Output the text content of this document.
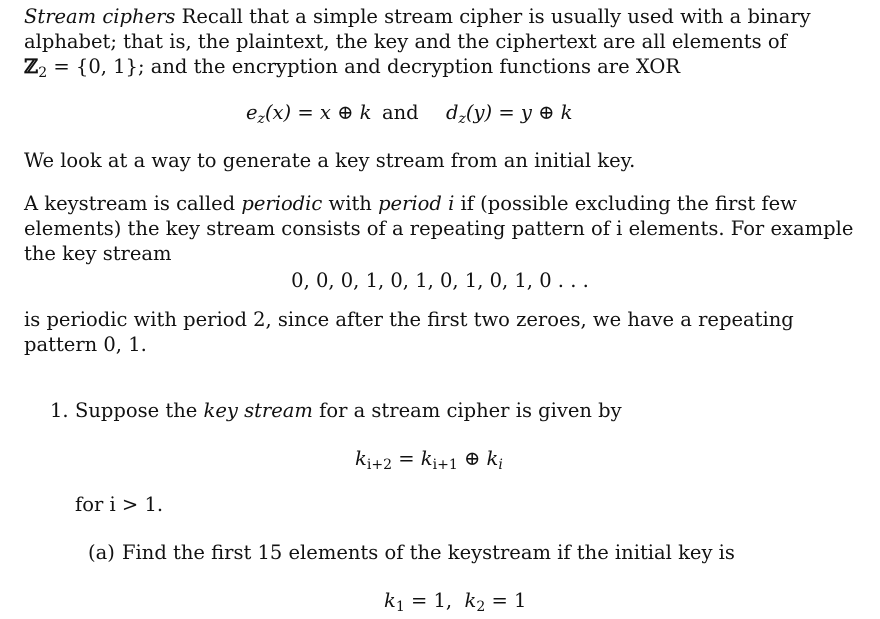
Stream ciphers Recall that a simple stream cipher is usually used with a binary
alphabet; that is, the plaintext, the key and the ciphertext are all elements of
ℤ$_2$ = {0, 1}; and the encryption and decryption functions are XOR
$e_z(x) = x$ ⊕ k and $d_z(y) = y$ ⊕ k
We look at a way to generate a key stream from an initial key.
A keystream is called periodic with period i if (possible excluding the first few
elements) the key stream consists of a repeating pattern of i elements. For example
the key stream
0, 0, 0, 1, 0, 1, 0, 1, 0, 1, 0 . . .
is periodic with period 2, since after the first two zeroes, we have a repeating
pattern 0, 1.
1. Suppose the key stream for a stream cipher is given by
$k_{i+2} = k_{i+1}$ ⊕ $k_i$
for i > 1.
(a) Find the first 15 elements of the keystream if the initial key is
$k_1 = 1$,  $k_2 = 1$
